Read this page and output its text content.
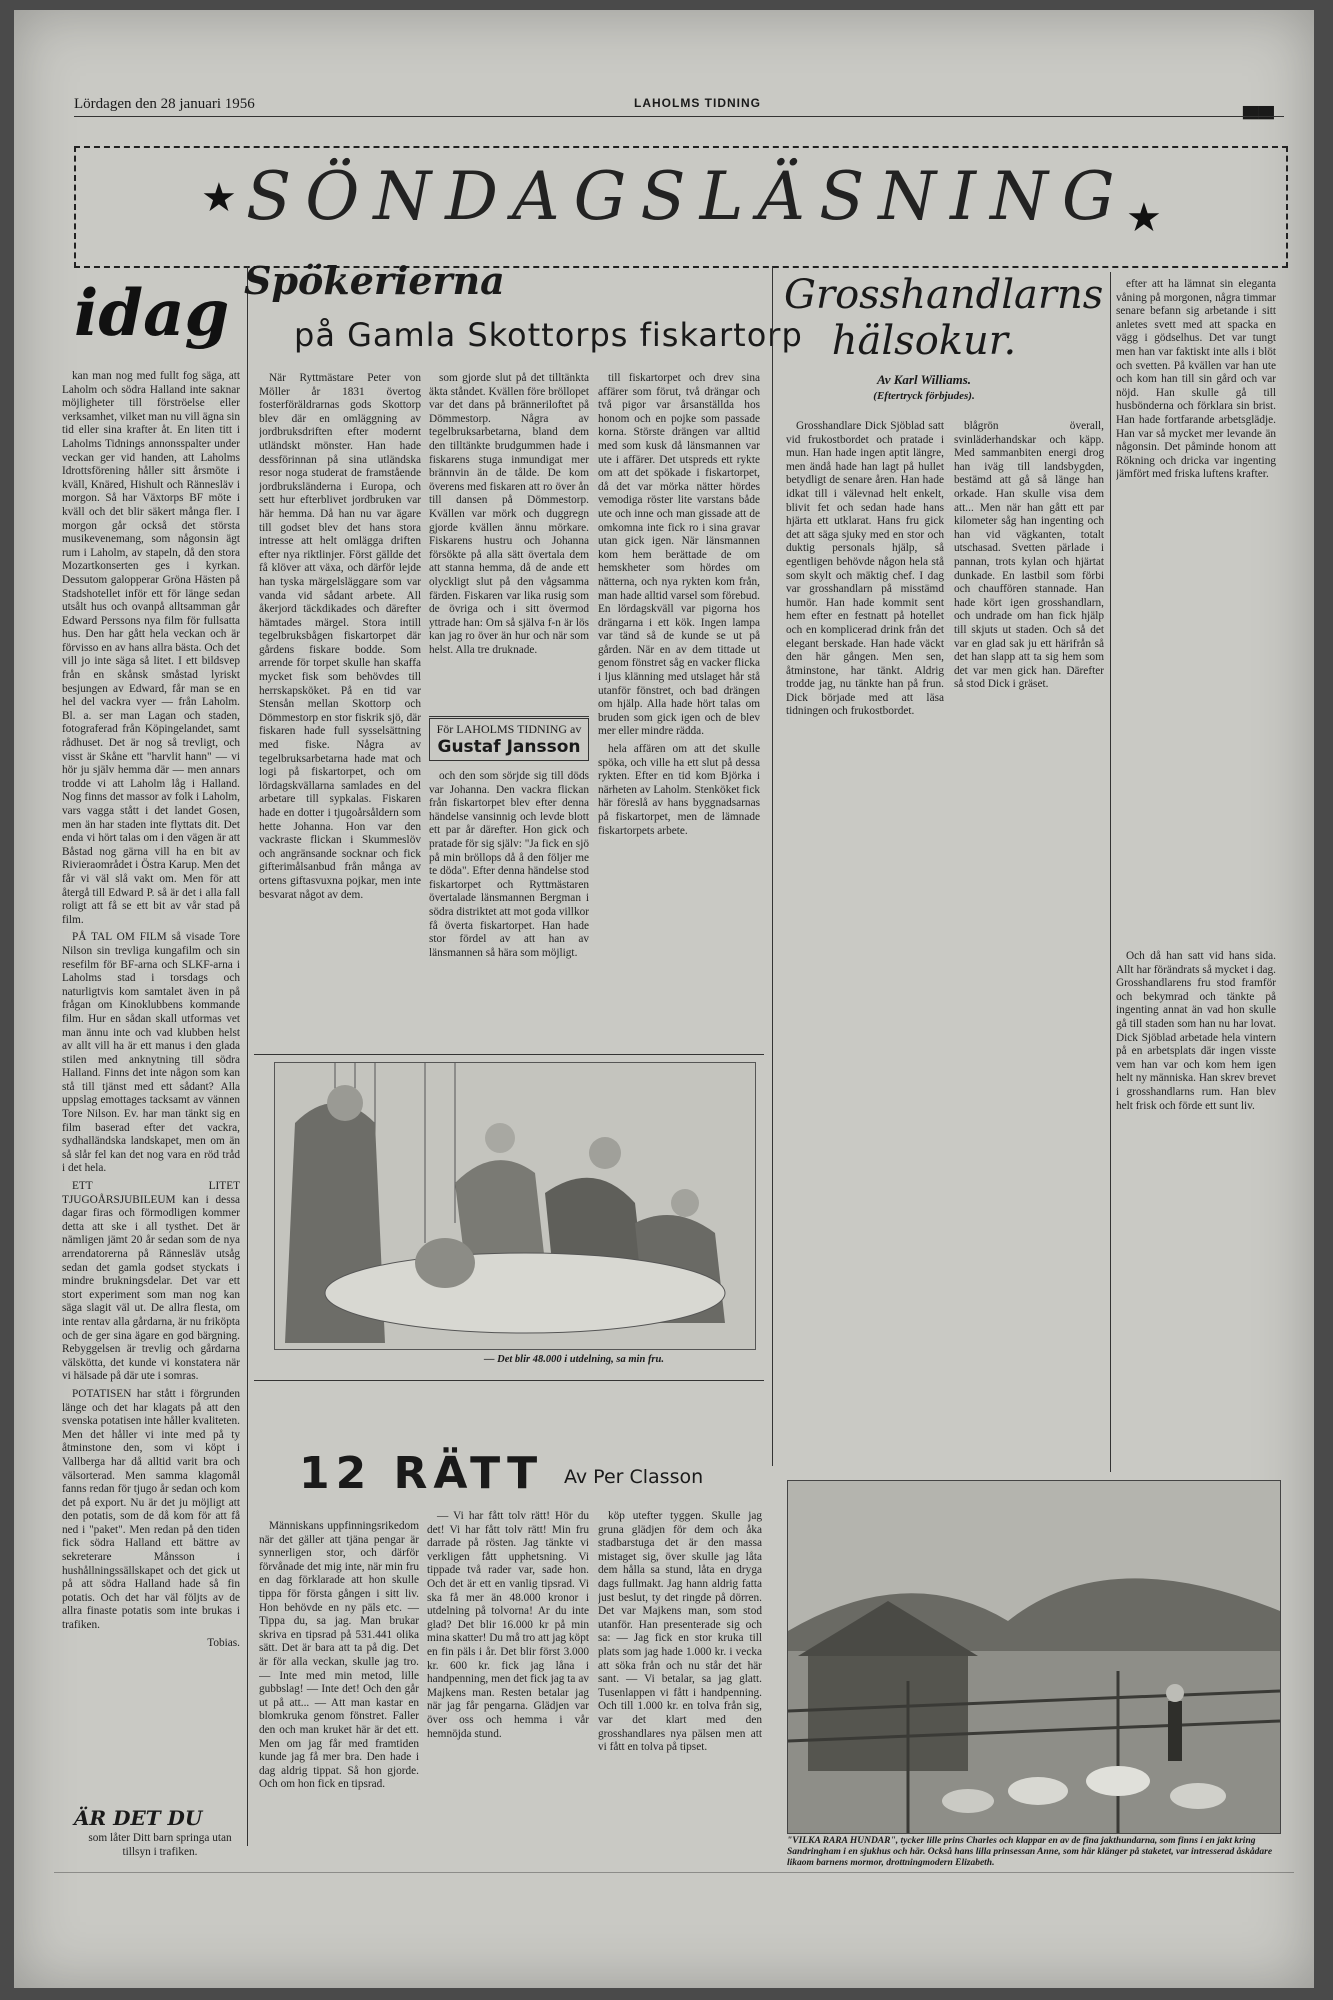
Lördagen den 28 januari 1956	LAHOLMS TIDNING
▀▀
★ SÖNDAGSLÄSNING
★
idag

kan man nog med fullt fog säga, att Laholm och södra Halland inte saknar möjligheter till förströelse eller verksamhet, vilket man nu vill ägna sin tid eller sina krafter åt. En liten titt i Laholms Tidnings annonsspalter under veckan ger vid handen, att Laholms Idrottsförening håller sitt årsmöte i kväll, Knäred, Hishult och Rännesläv i morgon. Så har Växtorps BF möte i kväll och det blir säkert många fler. I morgon går också det största musikevenemang, som någonsin ägt rum i Laholm, av stapeln, då den stora Mozartkonserten ges i kyrkan. Dessutom galopperar Gröna Hästen på Stadshotellet inför ett för länge sedan utsålt hus och ovanpå alltsamman går Edward Perssons nya film för fullsatta hus. Den har gått hela veckan och är förvisso en av hans allra bästa. Och det vill jo inte säga så litet. I ett bildsvep från en skånsk småstad lyriskt besjungen av Edward, får man se en hel del vackra vyer — från Laholm. Bl. a. ser man Lagan och staden, fotograferad från Köpingelandet, samt rådhuset. Det är nog så trevligt, och visst är Skåne ett "harvlit hann" — vi hör ju själv hemma där — men annars trodde vi att Laholm låg i Halland. Nog finns det massor av folk i Laholm, vars vagga stått i det landet Gosen, men än har staden inte flyttats dit. Det enda vi hört talas om i den vägen är att Båstad nog gärna vill ha en bit av Rivieraområdet i Östra Karup. Men det får vi väl slå vakt om. Men för att återgå till Edward P. så är det i alla fall roligt att få se ett bit av vår stad på film.

PÅ TAL OM FILM så visade Tore Nilson sin trevliga kungafilm och sin resefilm för BF-arna och SLKF-arna i Laholms stad i torsdags och naturligtvis kom samtalet även in på frågan om Kinoklubbens kommande film. Hur en sådan skall utformas vet man ännu inte och vad klubben helst av allt vill ha är ett manus i den glada stilen med anknytning till södra Halland. Finns det inte någon som kan stå till tjänst med ett sådant? Alla uppslag emottages tacksamt av vännen Tore Nilson. Ev. har man tänkt sig en film baserad efter det vackra, sydhalländska landskapet, men om än så slår fel kan det nog vara en röd tråd i det hela.

ETT LITET TJUGOÅRSJUBILEUM kan i dessa dagar firas och förmodligen kommer detta att ske i all tysthet. Det är nämligen jämt 20 år sedan som de nya arrendatorerna på Rännesläv utsåg sedan det gamla godset styckats i mindre brukningsdelar. Det var ett stort experiment som man nog kan säga slagit väl ut. De allra flesta, om inte rentav alla gårdarna, är nu friköpta och de ger sina ägare en god bärgning. Rebyggelsen är trevlig och gårdarna välskötta, det kunde vi konstatera när vi hälsade på där ute i somras.

POTATISEN har stått i förgrunden länge och det har klagats på att den svenska potatisen inte håller kvaliteten. Men det håller vi inte med på ty åtminstone den, som vi köpt i Vallberga har då alltid varit bra och välsorterad. Men samma klagomål fanns redan för tjugo år sedan och kom det på export. Nu är det ju möjligt att den potatis, som de då kom för att få ned i "paket". Men redan på den tiden fick södra Halland ett bättre av sekreterare Månsson i hushållningssällskapet och det gick ut på att södra Halland hade så fin potatis. Och det har väl följts av de allra finaste potatis som inte brukas i trafiken.

Tobias.

ÄR DET DU
som låter Ditt barn springa utan tillsyn i trafiken.
Spökerierna
på Gamla Skottorps fiskartorp

När Ryttmästare Peter von Möller år 1831 övertog fosterföräldrarnas gods Skottorp blev där en omläggning av jordbruksdriften efter modernt utländskt mönster. Han hade dessförinnan på sina utländska resor noga studerat de framstående jordbruksländerna i Europa, och sett hur efterblivet jordbruken var här hemma. Då han nu var ägare till godset blev det hans stora intresse att helt omlägga driften efter nya riktlinjer. Först gällde det få klöver att växa, och därför lejde han tyska märgelsläggare som var vanda vid sådant arbete. All åkerjord täckdikades och därefter hämtades märgel. Stora intill tegelbruksbågen fiskartorpet där gårdens fiskare bodde. Som arrende för torpet skulle han skaffa mycket fisk som behövdes till herrskapsköket. På en tid var Stensån mellan Skottorp och Dömmestorp en stor fiskrik sjö, där fiskaren hade full sysselsättning med fiske. Några av tegelbruksarbetarna hade mat och logi på fiskartorpet, och om lördagskvällarna samlades en del arbetare till sypkalas. Fiskaren hade en dotter i tjugoårsåldern som hette Johanna. Hon var den vackraste flickan i Skummeslöv och angränsande socknar och fick gifterimålsanbud från många av ortens giftasvuxna pojkar, men inte besvarat något av dem.

som gjorde slut på det tilltänkta äkta ståndet. Kvällen före bröllopet var det dans på bränneriloftet på Dömmestorp. Några av tegelbruksarbetarna, bland dem den tilltänkte brudgummen hade i fiskarens stuga inmundigat mer brännvin än de tålde. De kom överens med fiskaren att ro över ån till dansen på Dömmestorp. Kvällen var mörk och duggregn gjorde kvällen ännu mörkare. Fiskarens hustru och Johanna försökte på alla sätt övertala dem att stanna hemma, då de ande ett olyckligt slut på den vågsamma färden. Fiskaren var lika rusig som de övriga och i sitt övermod yttrade han: Om så själva f-n är lös kan jag ro över än hur och när som helst. Alla tre druknade.

För LAHOLMS TIDNING av
Gustaf Jansson

och den som sörjde sig till döds var Johanna. Den vackra flickan från fiskartorpet blev efter denna händelse vansinnig och levde blott ett par år därefter. Hon gick och pratade för sig själv: "Ja fick en sjö på min bröllops då å den följer me te döda". Efter denna händelse stod fiskartorpet och Ryttmästaren övertalade länsmannen Bergman i södra distriktet att mot goda villkor få överta fiskartorpet. Han hade stor fördel av att han av länsmannen så hära som möjligt.

till fiskartorpet och drev sina affärer som förut, två drängar och två pigor var årsanställda hos honom och en pojke som passade korna. Störste drängen var alltid med som kusk då länsmannen var ute i affärer. Det utspreds ett rykte om att det spökade i fiskartorpet, då det var mörka nätter hördes vemodiga röster lite varstans både ute och inne och man gissade att de omkomna inte fick ro i sina gravar utan gick igen. När länsmannen kom hem berättade de om hemskheter som hördes om nätterna, och nya rykten kom från, man hade alltid varsel som förebud. En lördagskväll var pigorna hos drängarna i ett kök. Ingen lampa var tänd så de kunde se ut på gården. När en av dem tittade ut genom fönstret såg en vacker flicka i ljus klänning med utslaget hår stå utanför fönstret, och bad drängen om hjälp. Alla hade hört talas om bruden som gick igen och de blev mer eller mindre rädda.

hela affären om att det skulle spöka, och ville ha ett slut på dessa rykten. Efter en tid kom Björka i närheten av Laholm. Stenköket fick här föreslå av hans byggnadsarnas på fiskartorpet, men de lämnade fiskartorpets arbete.

— Det blir 48.000 i utdelning, sa min fru.
12 RÄTT Av Per Classon

Människans uppfinningsrikedom när det gäller att tjäna pengar är synnerligen stor, och därför förvånade det mig inte, när min fru en dag förklarade att hon skulle tippa för första gången i sitt liv. Hon behövde en ny päls etc. — Tippa du, sa jag. Man brukar skriva en tipsrad på 531.441 olika sätt. Det är bara att ta på dig. Det är för alla veckan, skulle jag tro. — Inte med min metod, lille gubbslag! — Inte det! Och den går ut på att... — Att man kastar en blomkruka genom fönstret. Faller den och man kruket här är det ett. Men om jag får med framtiden kunde jag få mer bra. Den hade i dag aldrig tippat. Så hon gjorde. Och om hon fick en tipsrad.

— Vi har fått tolv rätt! Hör du det! Vi har fått tolv rätt! Min fru darrade på rösten. Jag tänkte vi verkligen fått upphetsning. Vi tippade två rader var, sade hon. Och det är ett en vanlig tipsrad. Vi ska få mer än 48.000 kronor i utdelning på tolvorna! Ar du inte glad? Det blir 16.000 kr på min mina skatter! Du må tro att jag köpt en fin päls i år. Det blir först 3.000 kr. 600 kr. fick jag låna i handpenning, men det fick jag ta av Majkens man. Resten betalar jag när jag får pengarna. Glädjen var över oss och hemma i vår hemnöjda stund.

köp utefter tyggen. Skulle jag gruna glädjen för dem och åka stadbarstuga det är den massa mistaget sig, över skulle jag låta dem hålla sa stund, låta en dryga dags fullmakt. Jag hann aldrig fatta just beslut, ty det ringde på dörren. Det var Majkens man, som stod utanför. Han presenterade sig och sa: — Jag fick en stor kruka till plats som jag hade 1.000 kr. i vecka att söka från och nu står det här sant. — Vi betalar, sa jag glatt. Tusenlappen vi fått i handpenning. Och till 1.000 kr. en tolva från sig, var det klart med den grosshandlares nya pälsen men att vi fått en tolva på tipset.

Grosshandlarns hälsokur.
Av Karl Williams.
(Eftertryck förbjudes).

Grosshandlare Dick Sjöblad satt vid frukostbordet och pratade i mun. Han hade ingen aptit längre, men ändå hade han lagt på hullet betydligt de senare åren. Han hade idkat till i välevnad helt enkelt, blivit fet och sedan hade hans hjärta ett utklarat. Hans fru gick det att säga sjuky med en stor och duktig personals hjälp, så egentligen behövde någon hela stå som skylt och mäktig chef. I dag var grosshandlarn på misstämd humör. Han hade kommit sent hem efter en festnatt på hotellet och en komplicerad drink från det elegant berskade. Han hade väckt den här gången. Men sen, åtminstone, har tänkt. Aldrig trodde jag, nu tänkte han på frun. Dick började med att läsa tidningen och frukostbordet.

blågrön överall, svinläderhandskar och käpp. Med sammanbiten energi drog han iväg till landsbygden, bestämd att gå så länge han orkade. Han skulle visa dem att... Men när han gått ett par kilometer såg han ingenting och han vid vägkanten, totalt utschasad. Svetten pärlade i pannan, trots kylan och hjärtat dunkade. En lastbil som förbi och chauffören stannade. Han hade kört igen grosshandlarn, och undrade om han fick hjälp till skjuts ut staden. Och så det var en glad sak ju ett härifrån så det han slapp att ta sig hem som det var men gick han. Därefter så stod Dick i gräset.

efter att ha lämnat sin eleganta våning på morgonen, några timmar senare befann sig arbetande i sitt anletes svett med att spacka en vägg i gödselhus. Det var tungt men han var faktiskt inte alls i blöt och svetten. På kvällen var han ute och kom han till sin gård och var nöjd. Han skulle gå till husbönderna och förklara sin brist. Han hade fortfarande arbetsglädje. Han var så mycket mer levande än någonsin. Det påminde honom att Rökning och dricka var ingenting jämfört med friska luftens krafter.

Och då han satt vid hans sida. Allt har förändrats så mycket i dag. Grosshandlarens fru stod framför och bekymrad och tänkte på ingenting annat än vad hon skulle gå till staden som han nu har lovat. Dick Sjöblad arbetade hela vintern på en arbetsplats där ingen visste vem han var och kom hem igen helt ny människa. Han skrev brevet i grosshandlarns rum. Han blev helt frisk och förde ett sunt liv.

"VILKA RARA HUNDAR", tycker lille prins Charles och klappar en av de fina jakthundarna, som finns i en jakt kring Sandringham i en sjukhus och här. Också hans lilla prinsessan Anne, som här klänger på staketet, var intresserad åskådare likaom barnens mormor, drottningmodern Elizabeth.
